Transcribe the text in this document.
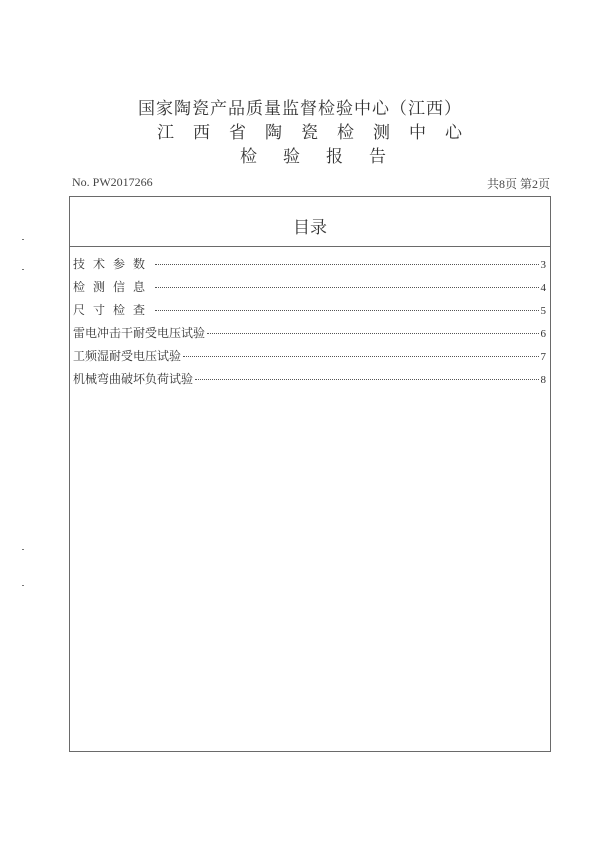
国家陶瓷产品质量监督检验中心（江西）
江西省陶瓷检测中心
检验报告
No. PW2017266	共8页 第2页
目录
技术参数	3
检测信息	4
尺寸检查	5
雷电冲击干耐受电压试验	6
工频湿耐受电压试验	7
机械弯曲破坏负荷试验	8
